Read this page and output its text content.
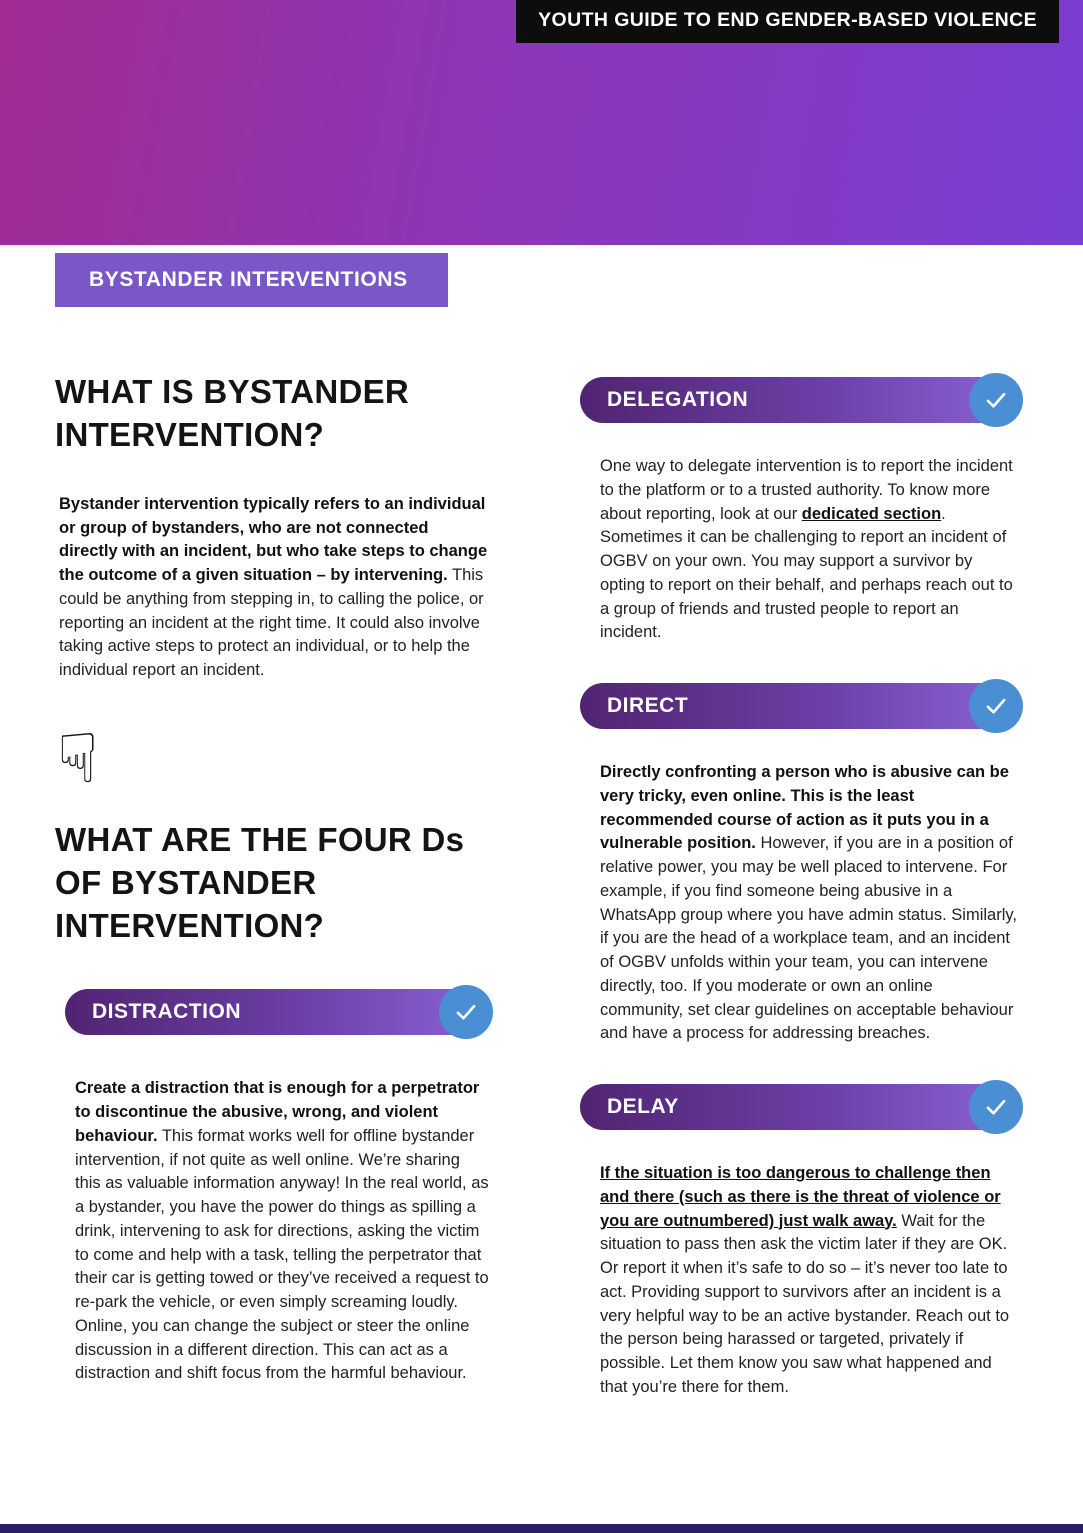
YOUTH GUIDE TO END GENDER-BASED VIOLENCE
BYSTANDER INTERVENTIONS
WHAT IS BYSTANDER INTERVENTION?

Bystander intervention typically refers to an individual or group of bystanders, who are not connected directly with an incident, but who take steps to change the outcome of a given situation – by intervening. This could be anything from stepping in, to calling the police, or reporting an incident at the right time. It could also involve taking active steps to protect an individual, or to help the individual report an incident.

☟
WHAT ARE THE FOUR Ds OF BYSTANDER INTERVENTION?
DISTRACTION

Create a distraction that is enough for a perpetrator to discontinue the abusive, wrong, and violent behaviour. This format works well for offline bystander intervention, if not quite as well online. We’re sharing this as valuable information anyway! In the real world, as a bystander, you have the power do things as spilling a drink, intervening to ask for directions, asking the victim to come and help with a task, telling the perpetrator that their car is getting towed or they’ve received a request to re-park the vehicle, or even simply screaming loudly. Online, you can change the subject or steer the online discussion in a different direction. This can act as a distraction and shift focus from the harmful behaviour.

DELEGATION

One way to delegate intervention is to report the incident to the platform or to a trusted authority. To know more about reporting, look at our dedicated section. Sometimes it can be challenging to report an incident of OGBV on your own. You may support a survivor by opting to report on their behalf, and perhaps reach out to a group of friends and trusted people to report an incident.

DIRECT

Directly confronting a person who is abusive can be very tricky, even online. This is the least recommended course of action as it puts you in a vulnerable position. However, if you are in a position of relative power, you may be well placed to intervene. For example, if you find someone being abusive in a WhatsApp group where you have admin status. Similarly, if you are the head of a workplace team, and an incident of OGBV unfolds within your team, you can intervene directly, too. If you moderate or own an online community, set clear guidelines on acceptable behaviour and have a process for addressing breaches.

DELAY

If the situation is too dangerous to challenge then and there (such as there is the threat of violence or you are outnumbered) just walk away. Wait for the situation to pass then ask the victim later if they are OK. Or report it when it’s safe to do so – it’s never too late to act. Providing support to survivors after an incident is a very helpful way to be an active bystander. Reach out to the person being harassed or targeted, privately if possible. Let them know you saw what happened and that you’re there for them.
